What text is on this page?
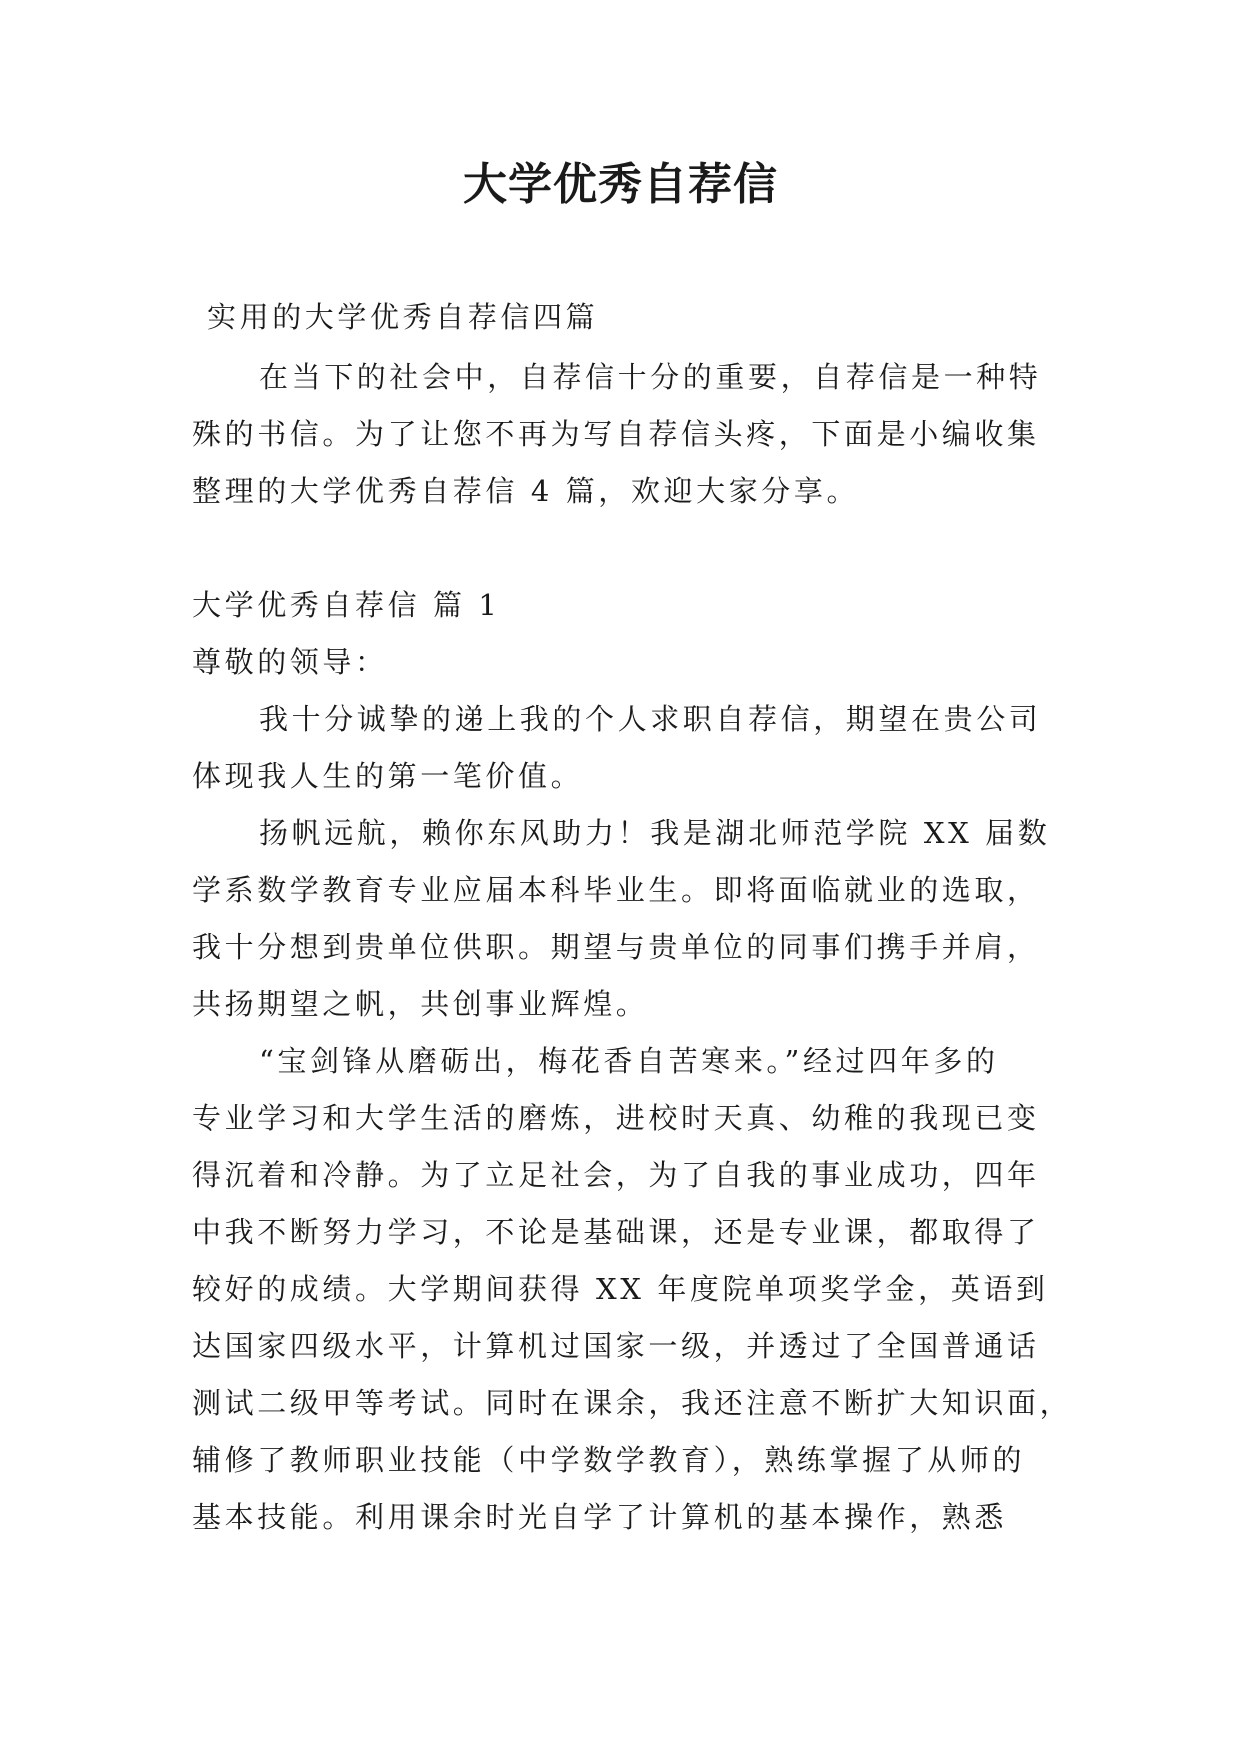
大学优秀自荐信
实用的大学优秀自荐信四篇
在当下的社会中，自荐信十分的重要，自荐信是一种特
殊的书信。为了让您不再为写自荐信头疼，下面是小编收集
整理的大学优秀自荐信 4 篇，欢迎大家分享。
大学优秀自荐信 篇 1
尊敬的领导：
我十分诚挚的递上我的个人求职自荐信，期望在贵公司
体现我人生的第一笔价值。
扬帆远航，赖你东风助力！我是湖北师范学院 XX 届数
学系数学教育专业应届本科毕业生。即将面临就业的选取，
我十分想到贵单位供职。期望与贵单位的同事们携手并肩，
共扬期望之帆，共创事业辉煌。
“宝剑锋从磨砺出，梅花香自苦寒来。”经过四年多的
专业学习和大学生活的磨炼，进校时天真、幼稚的我现已变
得沉着和冷静。为了立足社会，为了自我的事业成功，四年
中我不断努力学习，不论是基础课，还是专业课，都取得了
较好的成绩。大学期间获得 XX 年度院单项奖学金，英语到
达国家四级水平，计算机过国家一级，并透过了全国普通话
测试二级甲等考试。同时在课余，我还注意不断扩大知识面，
辅修了教师职业技能（中学数学教育），熟练掌握了从师的
基本技能。利用课余时光自学了计算机的基本操作，熟悉
